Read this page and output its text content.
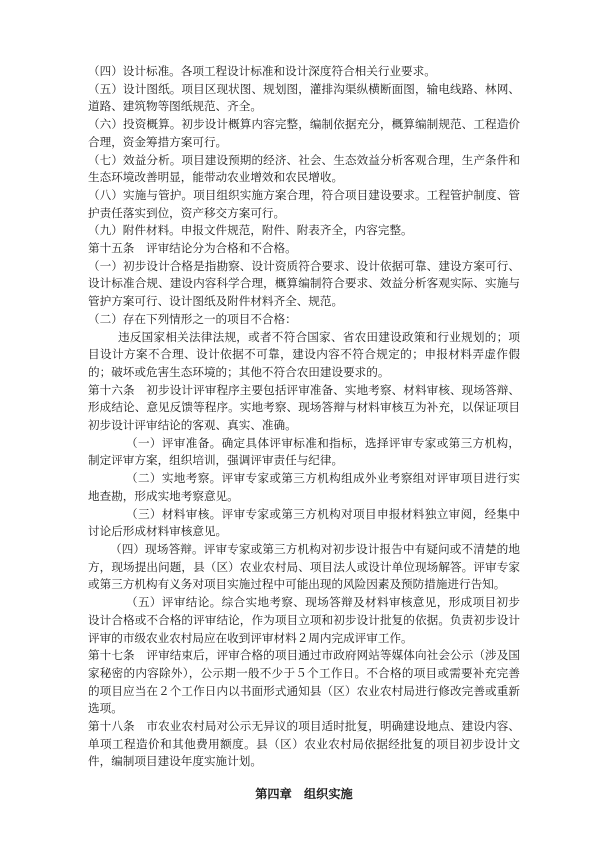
（四）设计标准。各项工程设计标准和设计深度符合相关行业要求。

（五）设计图纸。项目区现状图、规划图，灌排沟渠纵横断面图，输电线路、林网、道路、建筑物等图纸规范、齐全。

（六）投资概算。初步设计概算内容完整，编制依据充分，概算编制规范、工程造价合理，资金筹措方案可行。

（七）效益分析。项目建设预期的经济、社会、生态效益分析客观合理，生产条件和生态环境改善明显，能带动农业增效和农民增收。

（八）实施与管护。项目组织实施方案合理，符合项目建设要求。工程管护制度、管护责任落实到位，资产移交方案可行。

（九）附件材料。申报文件规范，附件、附表齐全，内容完整。

第十五条　评审结论分为合格和不合格。

（一）初步设计合格是指勘察、设计资质符合要求、设计依据可靠、建设方案可行、设计标准合规、建设内容科学合理，概算编制符合要求、效益分析客观实际、实施与管护方案可行、设计图纸及附件材料齐全、规范。

（二）存在下列情形之一的项目不合格：

违反国家相关法律法规，或者不符合国家、省农田建设政策和行业规划的；项目设计方案不合理、设计依据不可靠，建设内容不符合规定的；申报材料弄虚作假的；破坏或危害生态环境的；其他不符合农田建设要求的。

第十六条　初步设计评审程序主要包括评审准备、实地考察、材料审核、现场答辩、形成结论、意见反馈等程序。实地考察、现场答辩与材料审核互为补充，以保证项目初步设计评审结论的客观、真实、准确。

（一）评审准备。确定具体评审标准和指标，选择评审专家或第三方机构，制定评审方案，组织培训，强调评审责任与纪律。

（二）实地考察。评审专家或第三方机构组成外业考察组对评审项目进行实地查勘，形成实地考察意见。

（三）材料审核。评审专家或第三方机构对项目申报材料独立审阅，经集中讨论后形成材料审核意见。

（四）现场答辩。评审专家或第三方机构对初步设计报告中有疑问或不清楚的地方，现场提出问题，县（区）农业农村局、项目法人或设计单位现场解答。评审专家或第三方机构有义务对项目实施过程中可能出现的风险因素及预防措施进行告知。

（五）评审结论。综合实地考察、现场答辩及材料审核意见，形成项目初步设计合格或不合格的评审结论，作为项目立项和初步设计批复的依据。负责初步设计评审的市级农业农村局应在收到评审材料２周内完成评审工作。

第十七条　评审结束后，评审合格的项目通过市政府网站等媒体向社会公示（涉及国家秘密的内容除外），公示期一般不少于５个工作日。不合格的项目或需要补充完善的项目应当在２个工作日内以书面形式通知县（区）农业农村局进行修改完善或重新选项。

第十八条　市农业农村局对公示无异议的项目适时批复，明确建设地点、建设内容、单项工程造价和其他费用额度。县（区）农业农村局依据经批复的项目初步设计文件，编制项目建设年度实施计划。

第四章　组织实施
